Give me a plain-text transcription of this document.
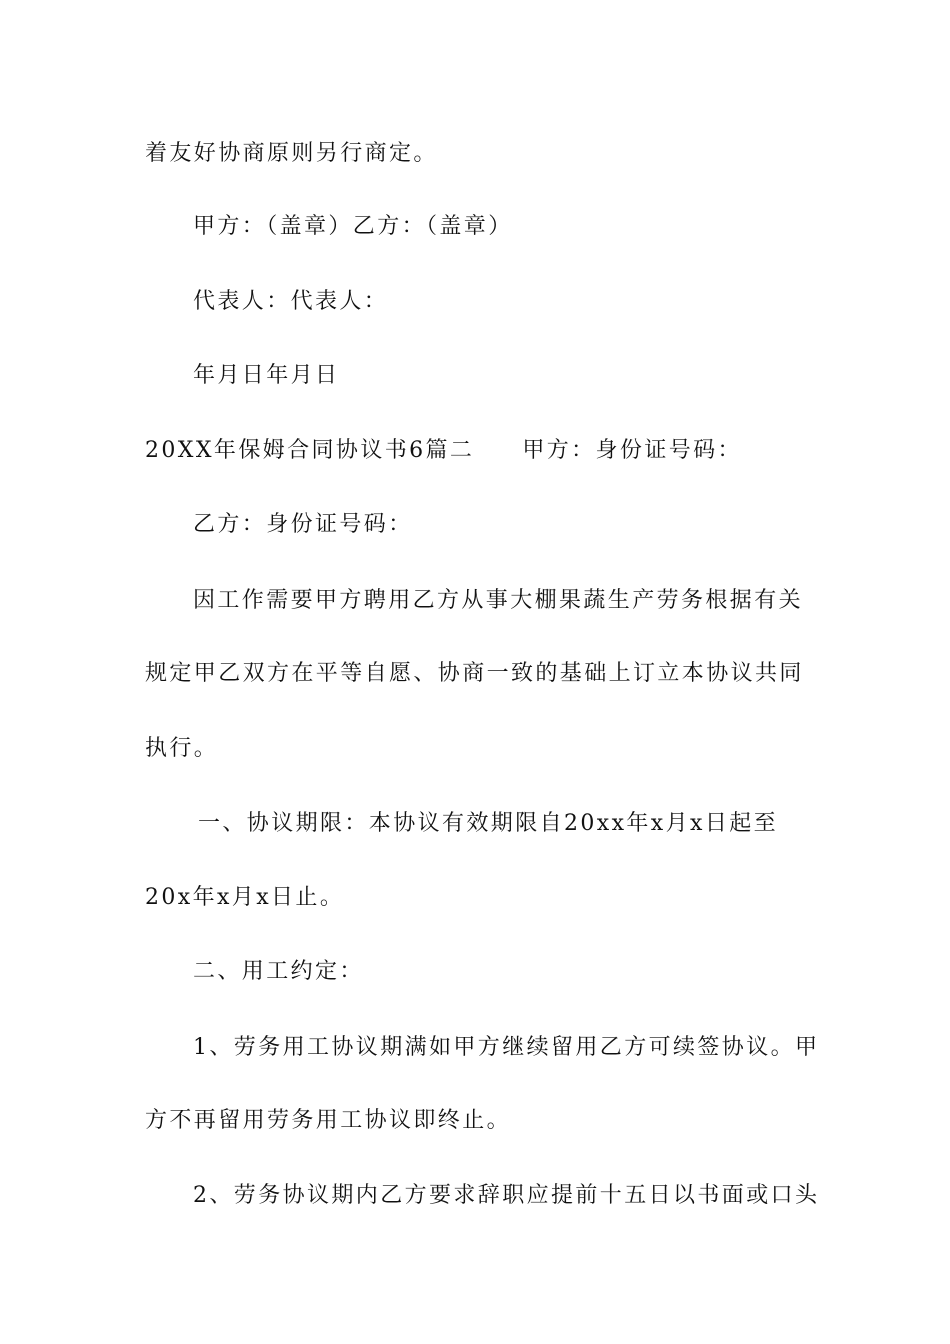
着友好协商原则另行商定。
甲方：（盖章）乙方：（盖章）
代表人：代表人：
年月日年月日
20XX年保姆合同协议书6篇二 甲方：身份证号码：
乙方：身份证号码：
因工作需要甲方聘用乙方从事大棚果蔬生产劳务根据有关
规定甲乙双方在平等自愿、协商一致的基础上订立本协议共同
执行。
一、协议期限：本协议有效期限自20xx年x月x日起至
20x年x月x日止。
二、用工约定：
1、劳务用工协议期满如甲方继续留用乙方可续签协议。甲
方不再留用劳务用工协议即终止。
2、劳务协议期内乙方要求辞职应提前十五日以书面或口头
